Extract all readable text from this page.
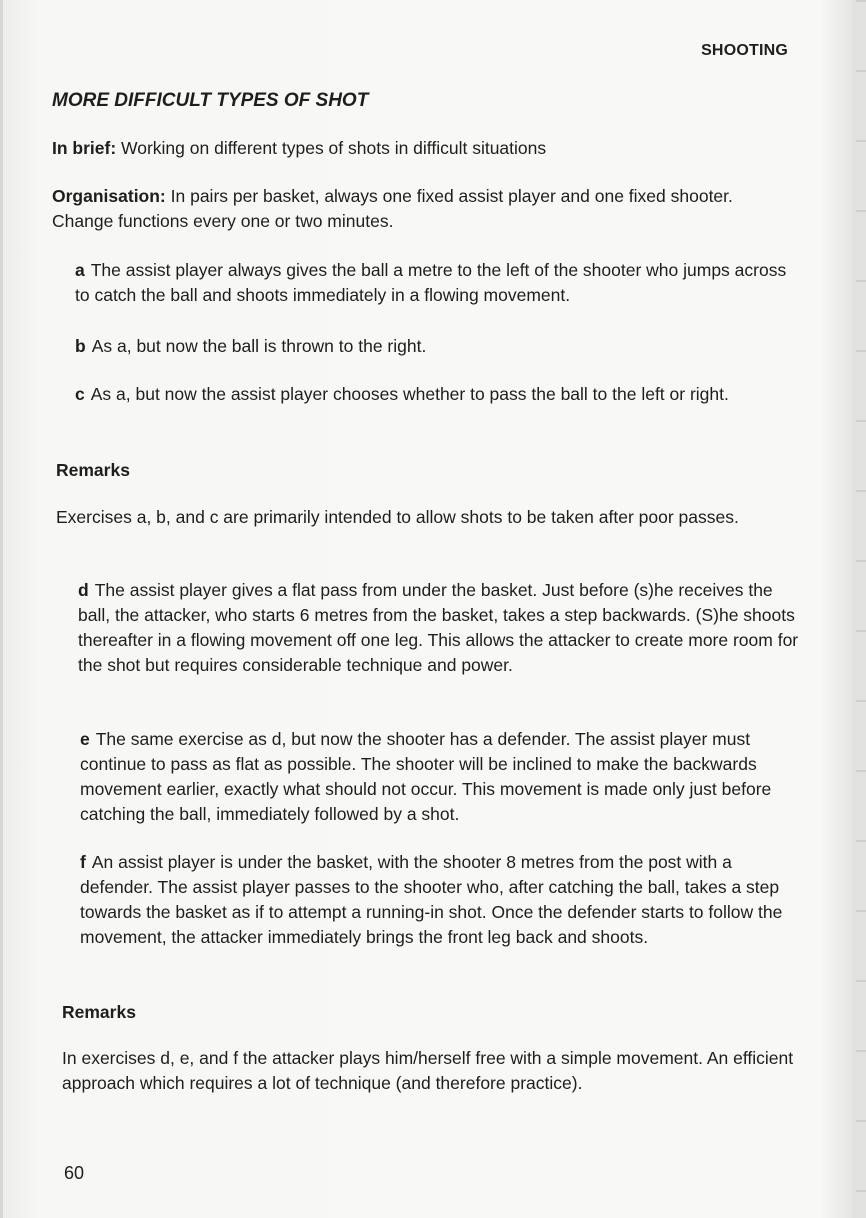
SHOOTING
MORE DIFFICULT TYPES OF SHOT
In brief: Working on different types of shots in difficult situations
Organisation: In pairs per basket, always one fixed assist player and one fixed shooter. Change functions every one or two minutes.
a The assist player always gives the ball a metre to the left of the shooter who jumps across to catch the ball and shoots immediately in a flowing movement.
b As a, but now the ball is thrown to the right.
c As a, but now the assist player chooses whether to pass the ball to the left or right.
Remarks
Exercises a, b, and c are primarily intended to allow shots to be taken after poor passes.
d The assist player gives a flat pass from under the basket. Just before (s)he receives the ball, the attacker, who starts 6 metres from the basket, takes a step backwards. (S)he shoots thereafter in a flowing movement off one leg. This allows the attacker to create more room for the shot but requires considerable technique and power.
e The same exercise as d, but now the shooter has a defender. The assist player must continue to pass as flat as possible. The shooter will be inclined to make the backwards movement earlier, exactly what should not occur. This movement is made only just before catching the ball, immediately followed by a shot.
f An assist player is under the basket, with the shooter 8 metres from the post with a defender. The assist player passes to the shooter who, after catching the ball, takes a step towards the basket as if to attempt a running-in shot. Once the defender starts to follow the movement, the attacker immediately brings the front leg back and shoots.
Remarks
In exercises d, e, and f the attacker plays him/herself free with a simple movement. An efficient approach which requires a lot of technique (and therefore practice).
60
